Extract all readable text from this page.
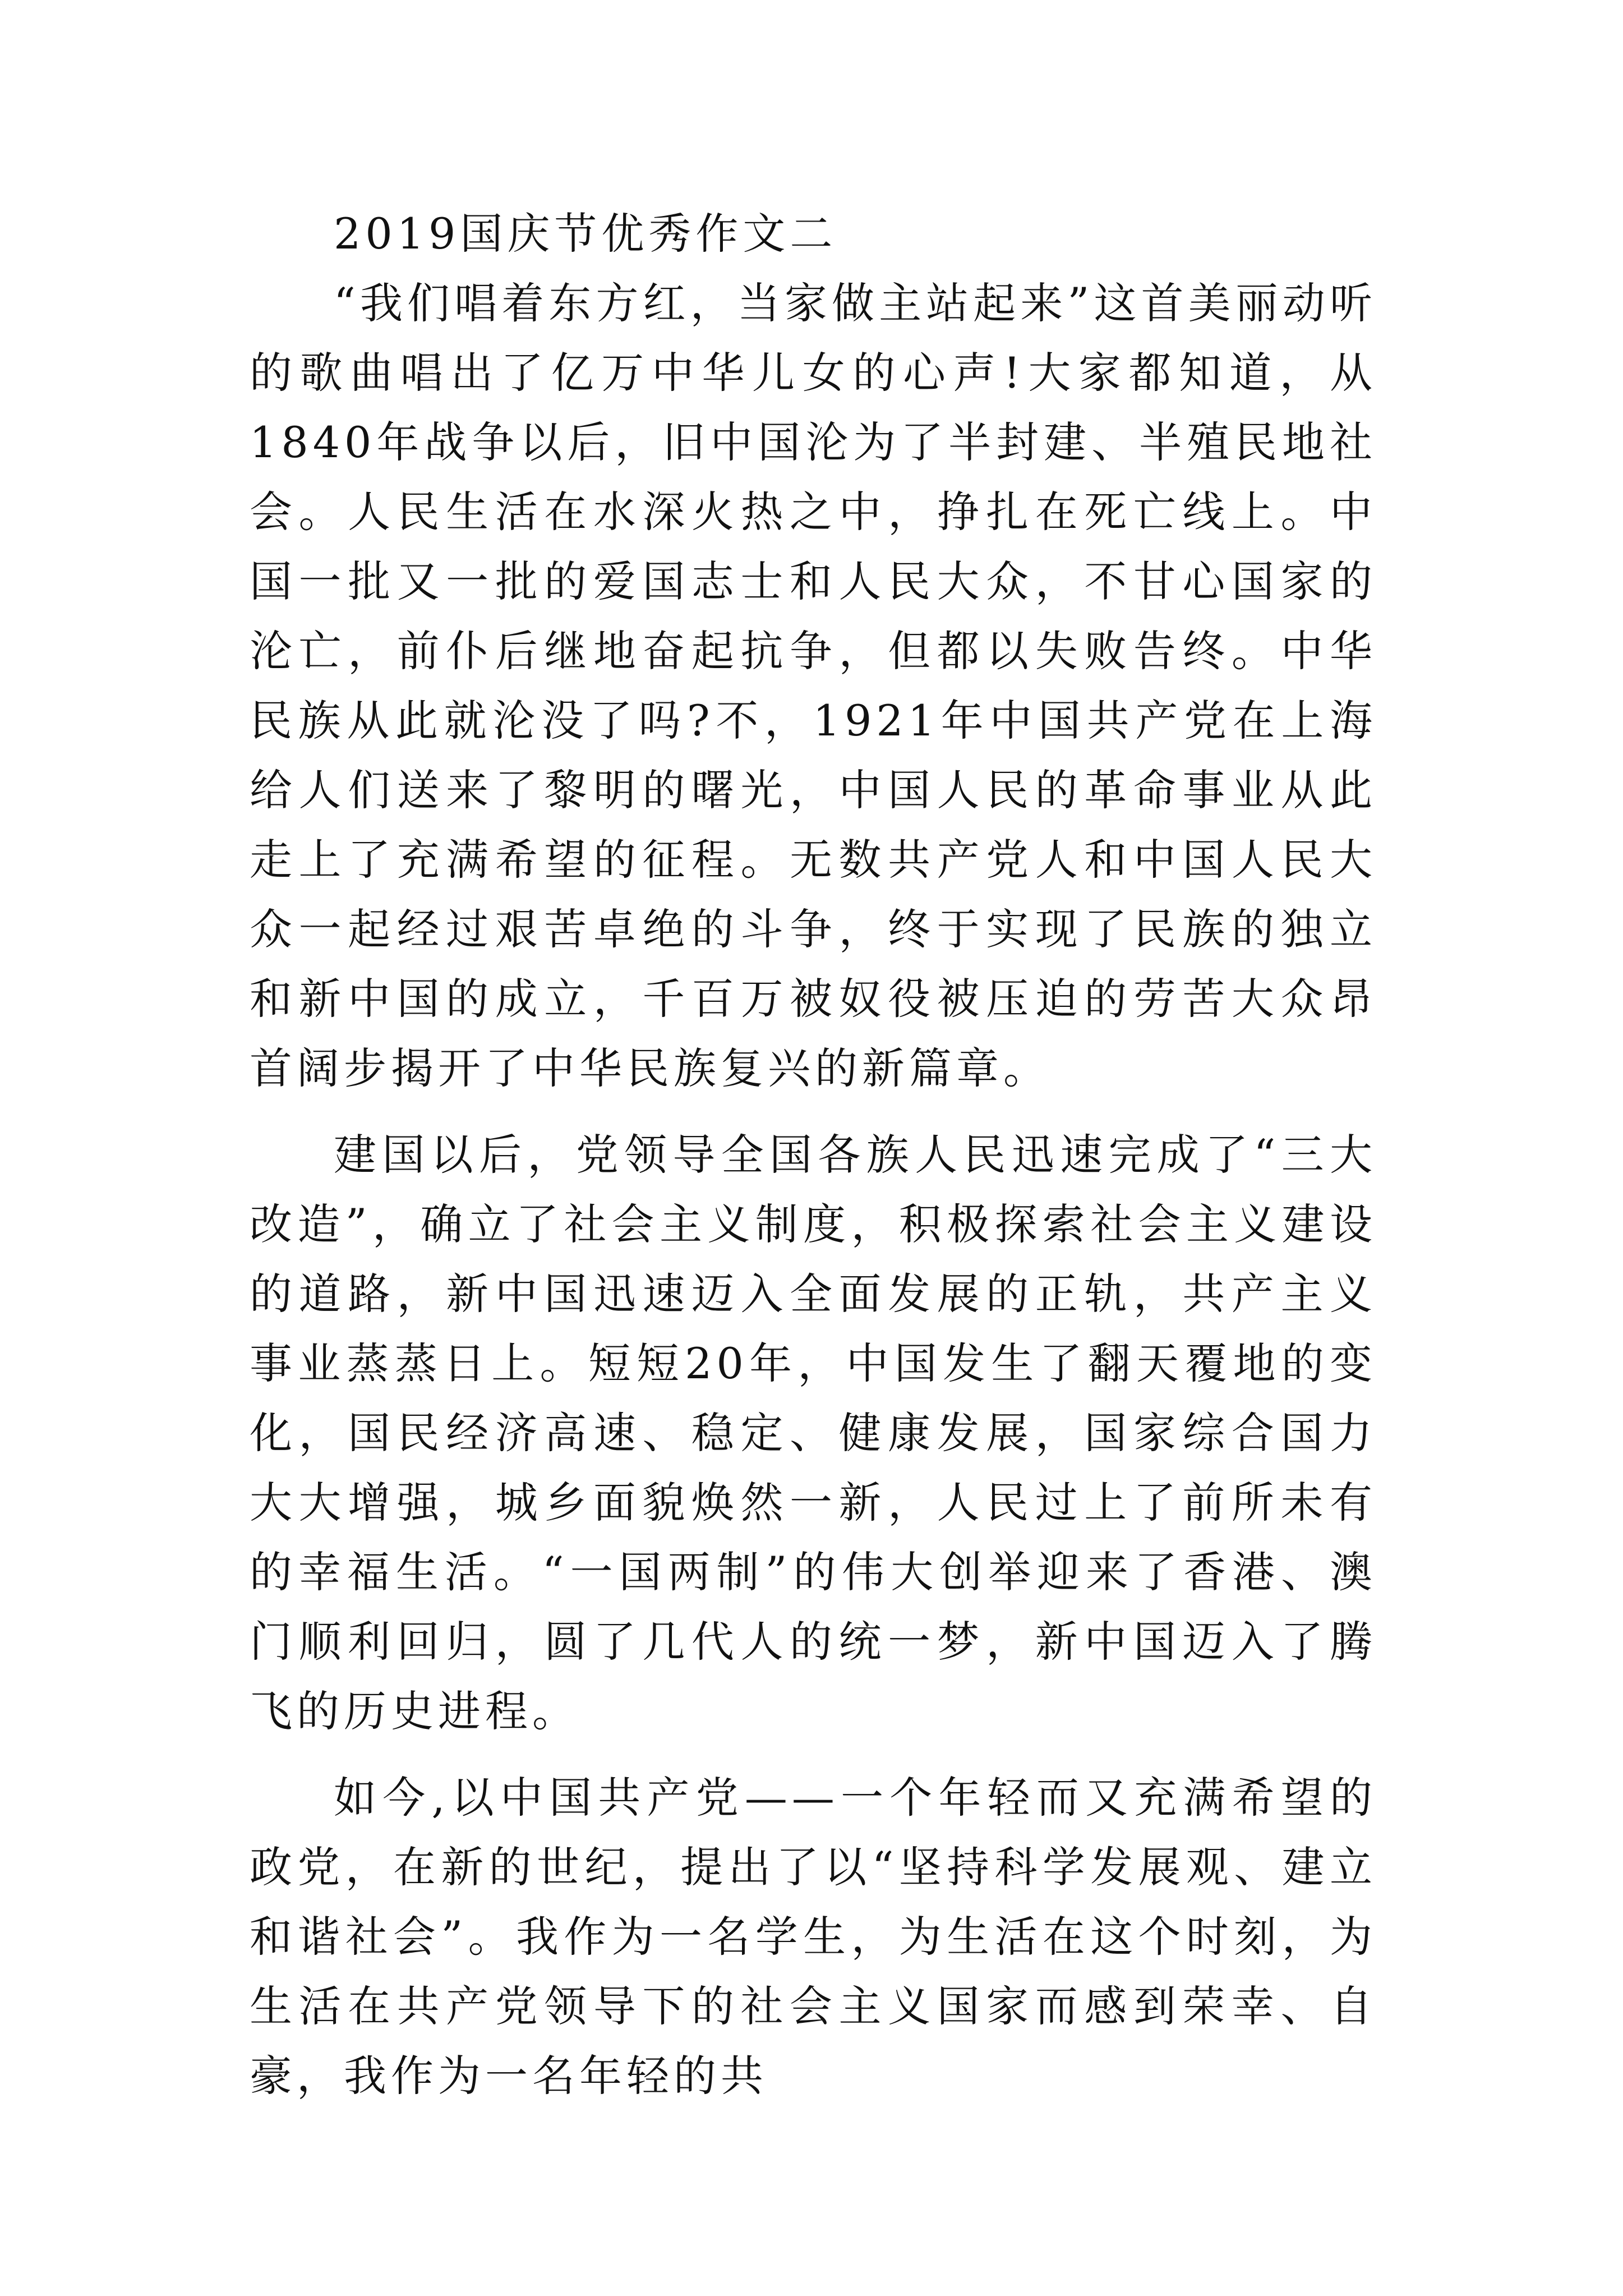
2019国庆节优秀作文二

“我们唱着东方红，当家做主站起来”这首美丽动听的歌曲唱出了亿万中华儿女的心声!大家都知道，从1840年战争以后，旧中国沦为了半封建、半殖民地社会。人民生活在水深火热之中，挣扎在死亡线上。中国一批又一批的爱国志士和人民大众，不甘心国家的沦亡，前仆后继地奋起抗争，但都以失败告终。中华民族从此就沦没了吗?不，1921年中国共产党在上海给人们送来了黎明的曙光，中国人民的革命事业从此走上了充满希望的征程。无数共产党人和中国人民大众一起经过艰苦卓绝的斗争，终于实现了民族的独立和新中国的成立，千百万被奴役被压迫的劳苦大众昂首阔步揭开了中华民族复兴的新篇章。

建国以后，党领导全国各族人民迅速完成了“三大改造”，确立了社会主义制度，积极探索社会主义建设的道路，新中国迅速迈入全面发展的正轨，共产主义事业蒸蒸日上。短短20年，中国发生了翻天覆地的变化，国民经济高速、稳定、健康发展，国家综合国力大大增强，城乡面貌焕然一新，人民过上了前所未有的幸福生活。“一国两制”的伟大创举迎来了香港、澳门顺利回归，圆了几代人的统一梦，新中国迈入了腾飞的历史进程。

如今,以中国共产党——一个年轻而又充满希望的政党，在新的世纪，提出了以“坚持科学发展观、建立和谐社会”。我作为一名学生，为生活在这个时刻，为生活在共产党领导下的社会主义国家而感到荣幸、自豪，我作为一名年轻的共
